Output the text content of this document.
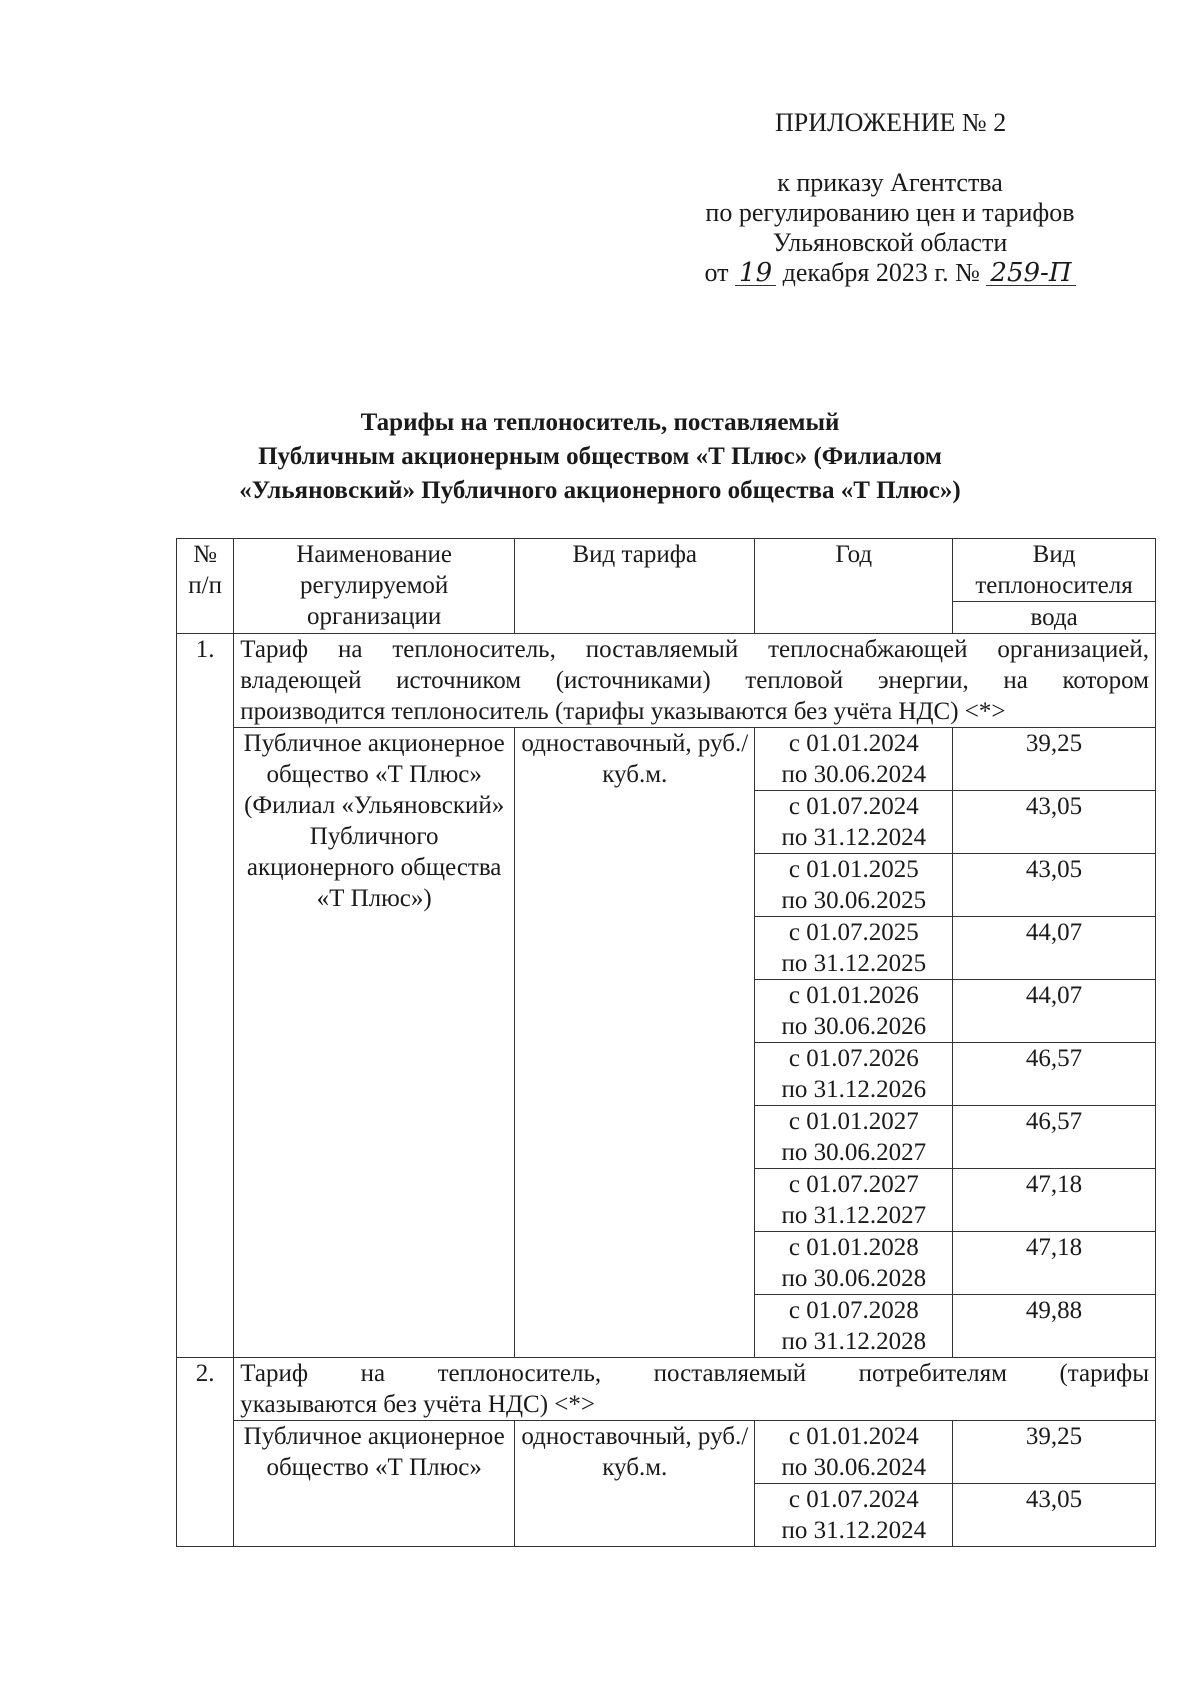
ПРИЛОЖЕНИЕ № 2
к приказу Агентства
по регулированию цен и тарифов
Ульяновской области
от 19 декабря 2023 г. № 259-П
Тарифы на теплоноситель, поставляемый
Публичным акционерным обществом «Т Плюс» (Филиалом
«Ульяновский» Публичного акционерного общества «Т Плюс»)
№ п/п	Наименование регулируемой организации	Вид тарифа	Год	Вид теплоносителя
				вода
1.	Тариф на теплоноситель, поставляемый теплоснабжающей организацией,
владеющей источником (источниками) тепловой энергии, на котором
производится теплоноситель (тарифы указываются без учёта НДС) <*>			

	Публичное акционерное общество «Т Плюс» (Филиал «Ульяновский» Публичного акционерного общества «Т Плюс»)	одноставочный, руб./куб.м.	с 01.01.2024
по 30.06.2024	39,25

			с 01.07.2024
по 31.12.2024	43,05

			с 01.01.2025
по 30.06.2025	43,05

			с 01.07.2025
по 31.12.2025	44,07

			с 01.01.2026
по 30.06.2026	44,07

			с 01.07.2026
по 31.12.2026	46,57

			с 01.01.2027
по 30.06.2027	46,57

			с 01.07.2027
по 31.12.2027	47,18

			с 01.01.2028
по 30.06.2028	47,18

			с 01.07.2028
по 31.12.2028	49,88
2.	Тариф на теплоноситель, поставляемый потребителям (тарифы
указываются без учёта НДС) <*>			

	Публичное акционерное общество «Т Плюс»	одноставочный, руб./куб.м.	с 01.01.2024
по 30.06.2024	39,25

			с 01.07.2024
по 31.12.2024	43,05
